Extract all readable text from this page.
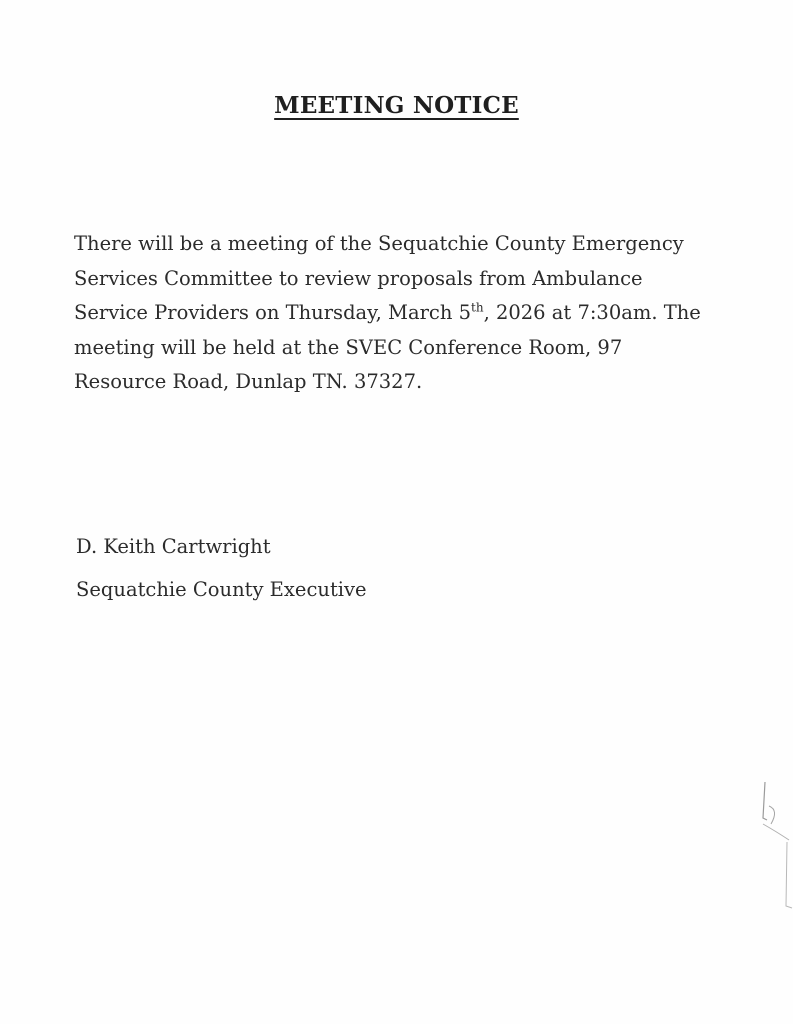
MEETING NOTICE
There will be a meeting of the Sequatchie County Emergency Services Committee to review proposals from Ambulance Service Providers on Thursday, March 5th, 2026 at 7:30am. The meeting will be held at the SVEC Conference Room, 97 Resource Road, Dunlap TN. 37327.
D. Keith Cartwright
Sequatchie County Executive
